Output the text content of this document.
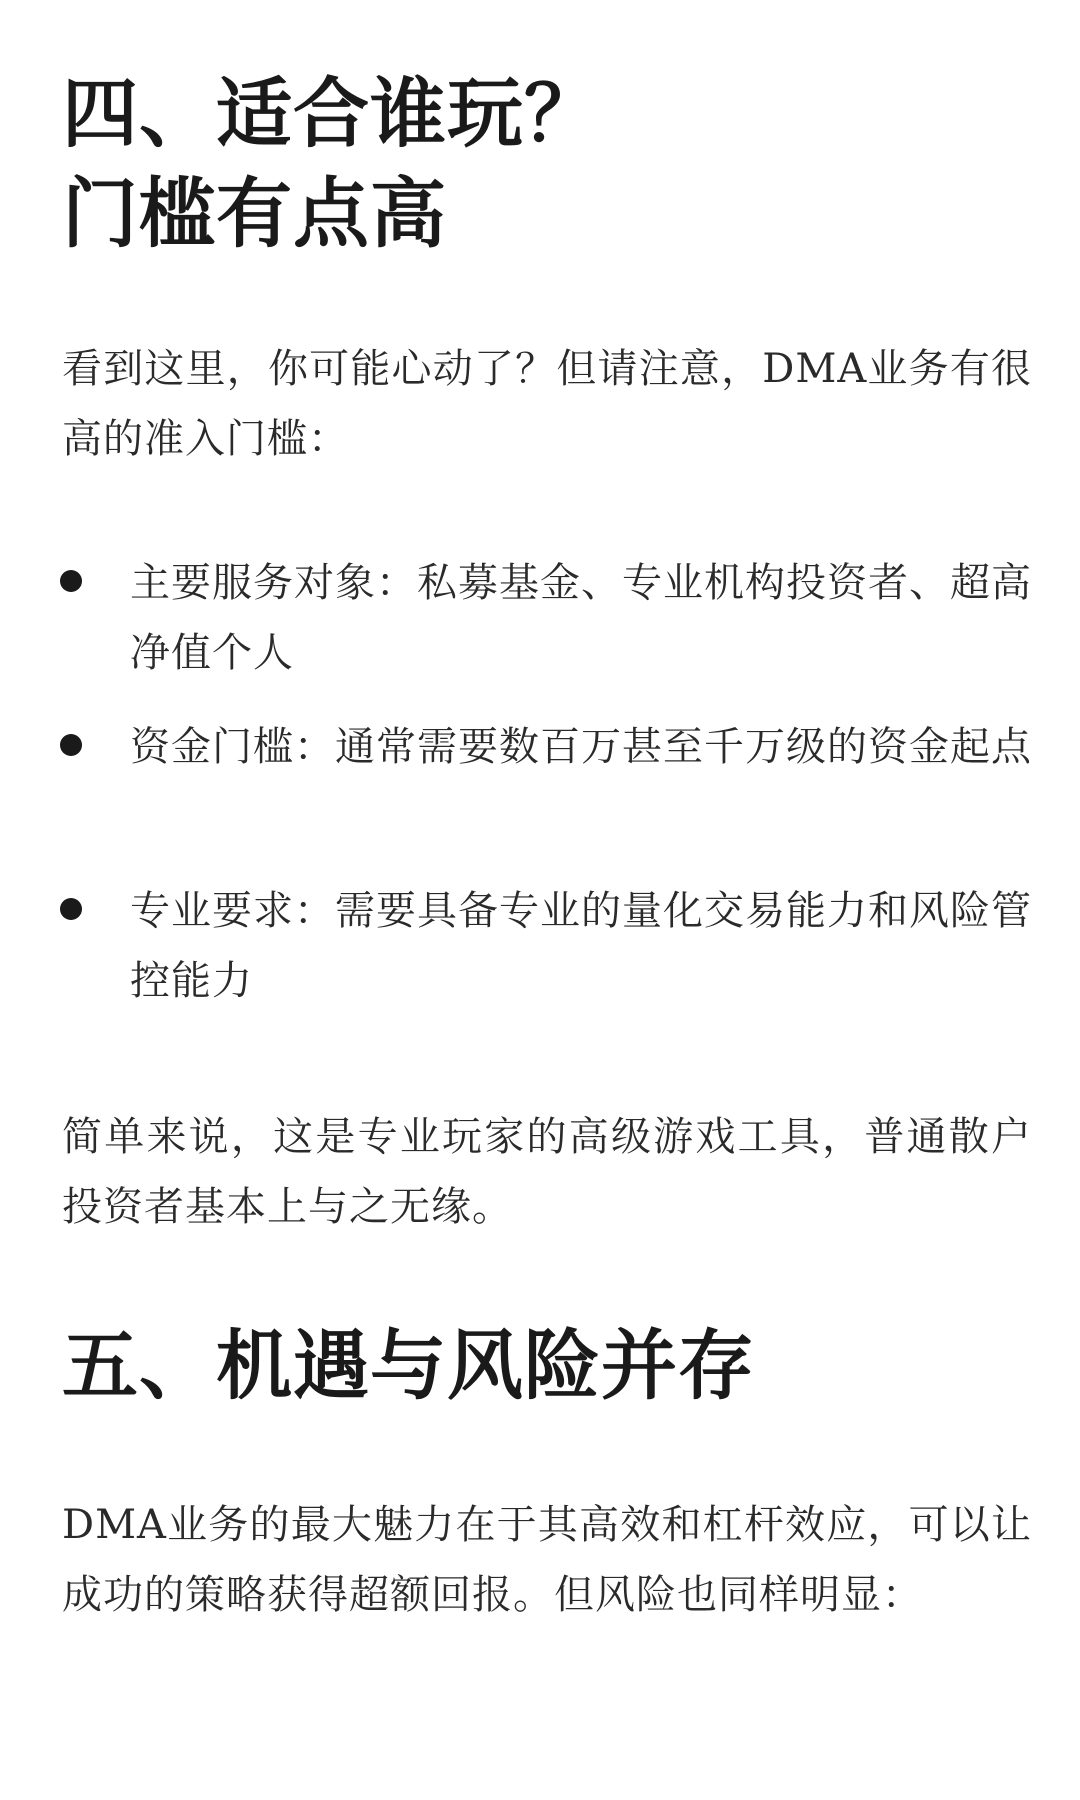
四、适合谁玩？
门槛有点高

看到这里，你可能心动了？但请注意，DMA业务有很高的准入门槛：

主要服务对象：私募基金、专业机构投资者、超高净值个人

资金门槛：通常需要数百万甚至千万级的资金起点

专业要求：需要具备专业的量化交易能力和风险管控能力

简单来说，这是专业玩家的高级游戏工具，普通散户投资者基本上与之无缘。

五、机遇与风险并存

DMA业务的最大魅力在于其高效和杠杆效应，可以让成功的策略获得超额回报。但风险也同样明显：
